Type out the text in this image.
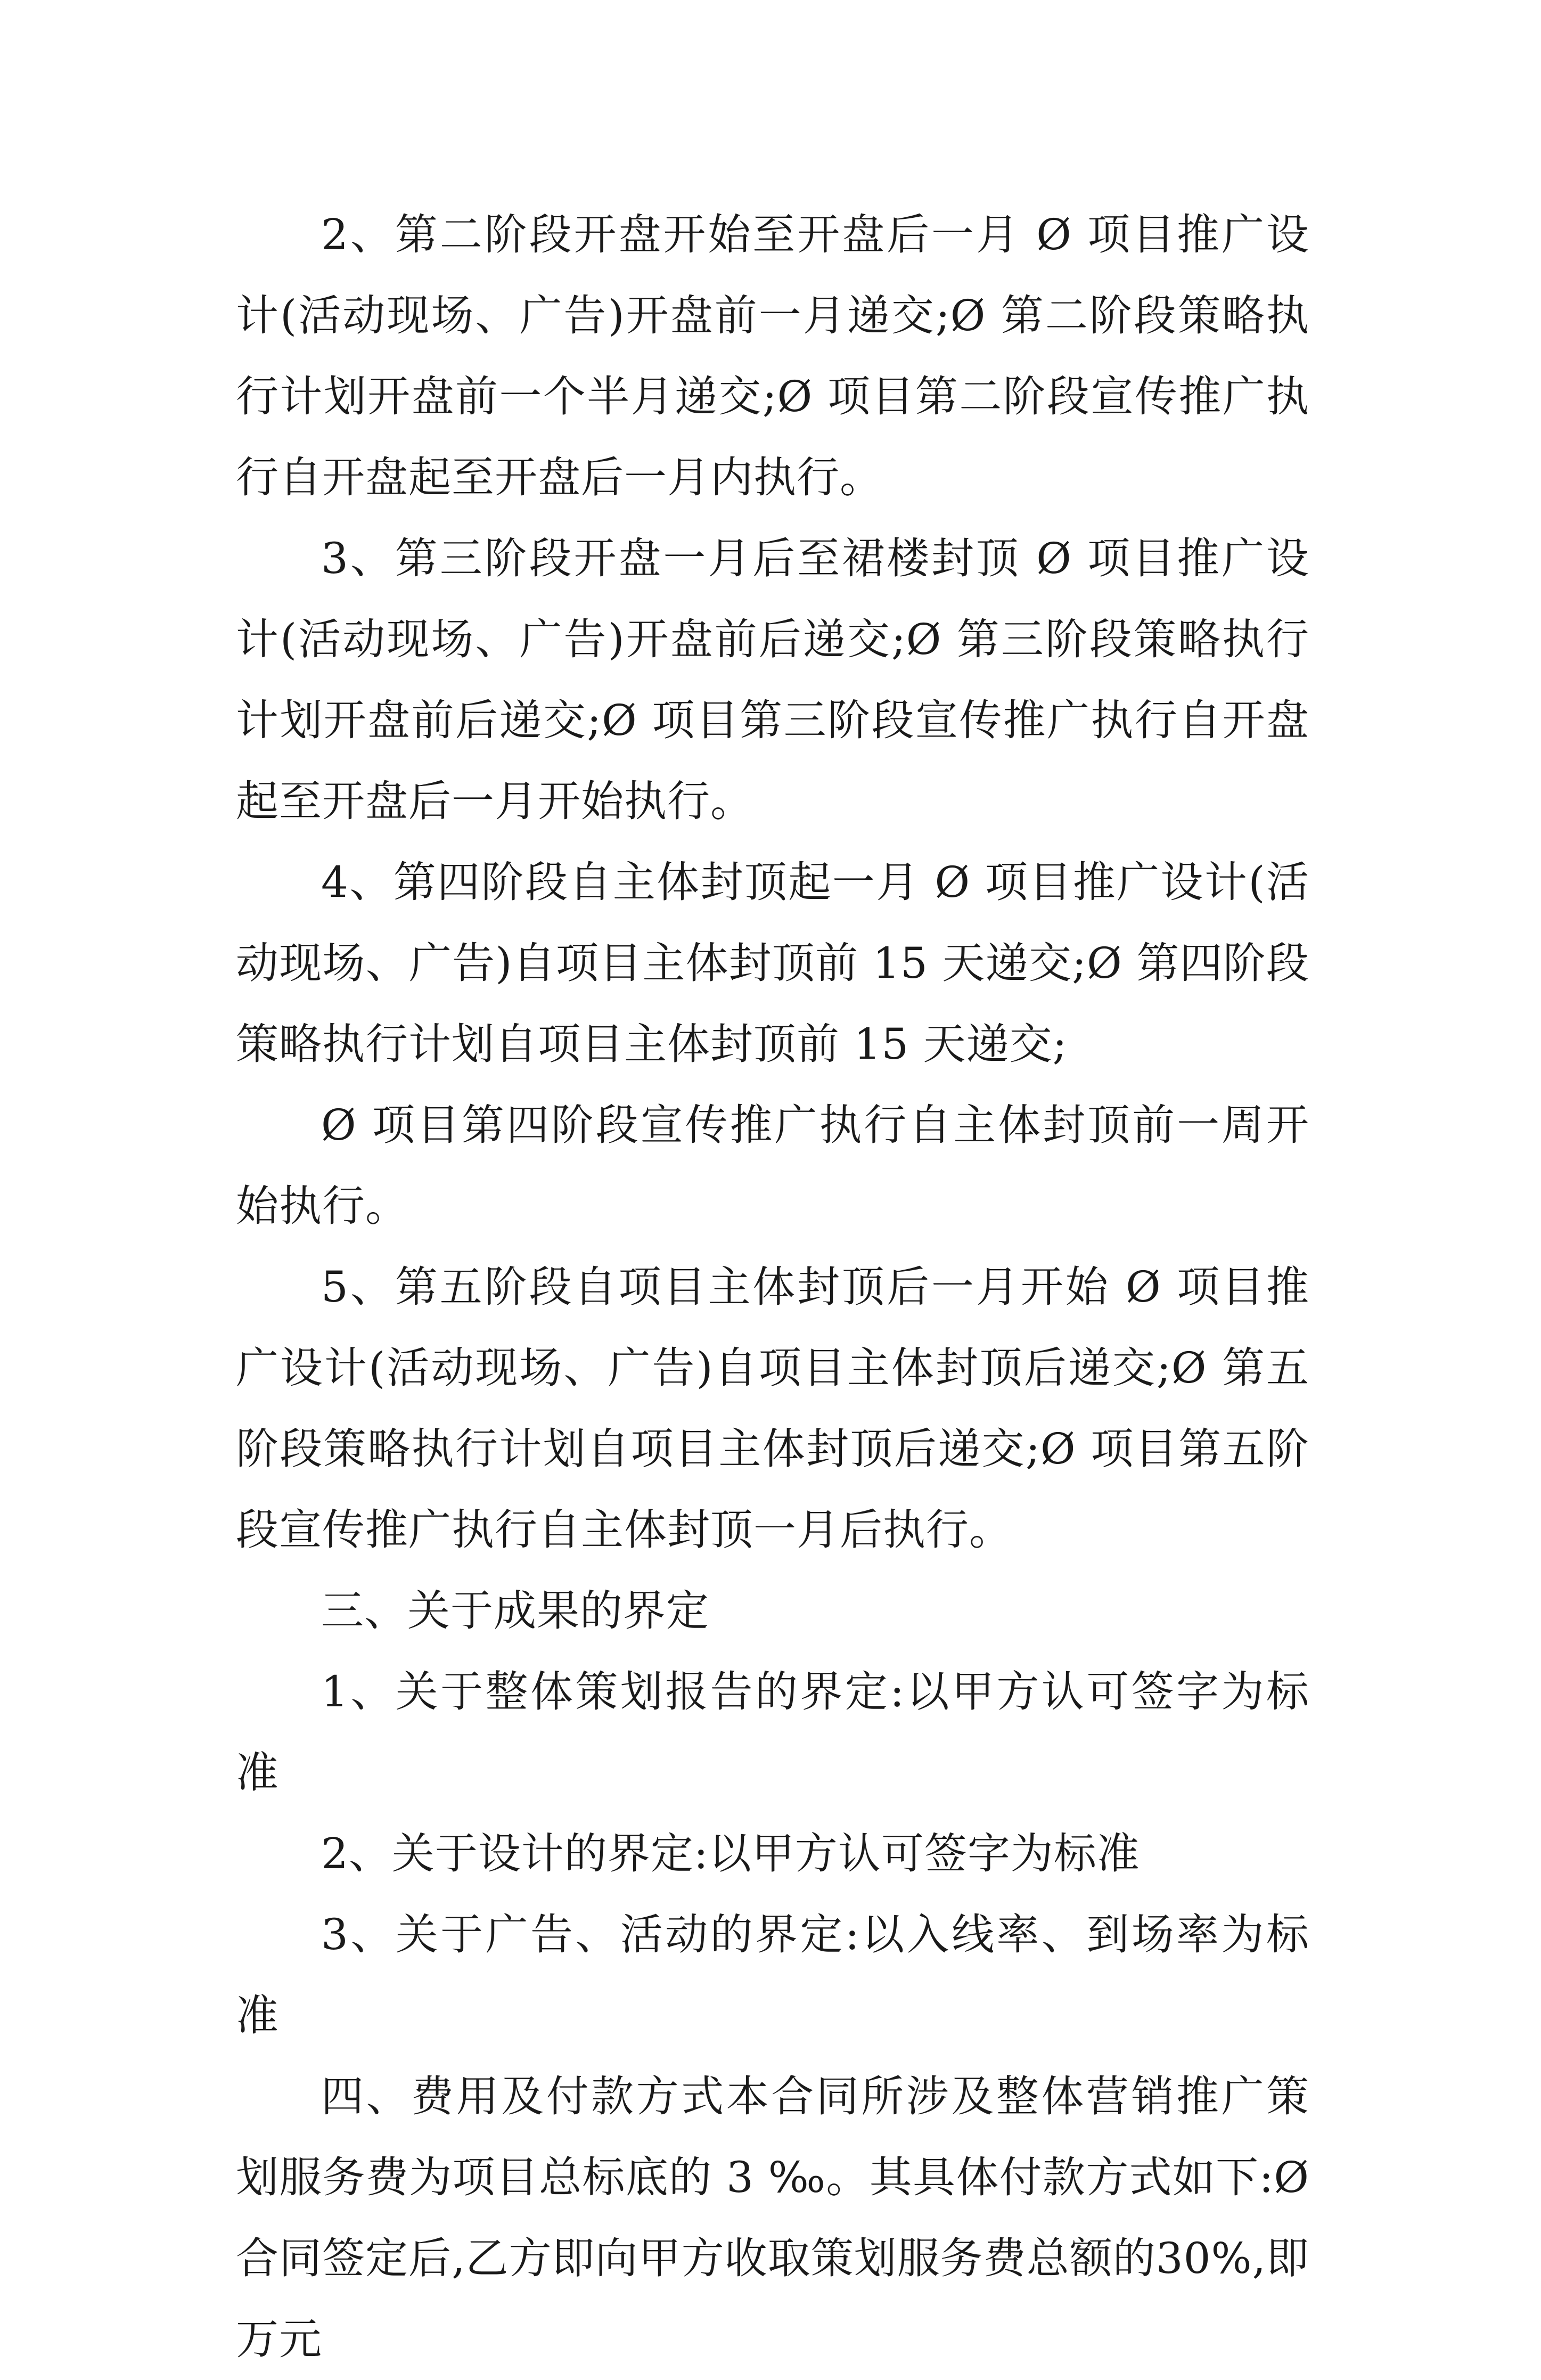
2、第二阶段开盘开始至开盘后一月 Ø 项目推广设计(活动现场、广告)开盘前一月递交;Ø 第二阶段策略执行计划开盘前一个半月递交;Ø 项目第二阶段宣传推广执行自开盘起至开盘后一月内执行。

3、第三阶段开盘一月后至裙楼封顶 Ø 项目推广设计(活动现场、广告)开盘前后递交;Ø 第三阶段策略执行计划开盘前后递交;Ø 项目第三阶段宣传推广执行自开盘起至开盘后一月开始执行。

4、第四阶段自主体封顶起一月 Ø 项目推广设计(活动现场、广告)自项目主体封顶前 15 天递交;Ø 第四阶段策略执行计划自项目主体封顶前 15 天递交;

Ø 项目第四阶段宣传推广执行自主体封顶前一周开始执行。

5、第五阶段自项目主体封顶后一月开始 Ø 项目推广设计(活动现场、广告)自项目主体封顶后递交;Ø 第五阶段策略执行计划自项目主体封顶后递交;Ø 项目第五阶段宣传推广执行自主体封顶一月后执行。

三、关于成果的界定

1、关于整体策划报告的界定:以甲方认可签字为标准

2、关于设计的界定:以甲方认可签字为标准

3、关于广告、活动的界定:以入线率、到场率为标准

四、费用及付款方式本合同所涉及整体营销推广策划服务费为项目总标底的 3 ‰。其具体付款方式如下:Ø 合同签定后,乙方即向甲方收取策划服务费总额的30%,即 万元
